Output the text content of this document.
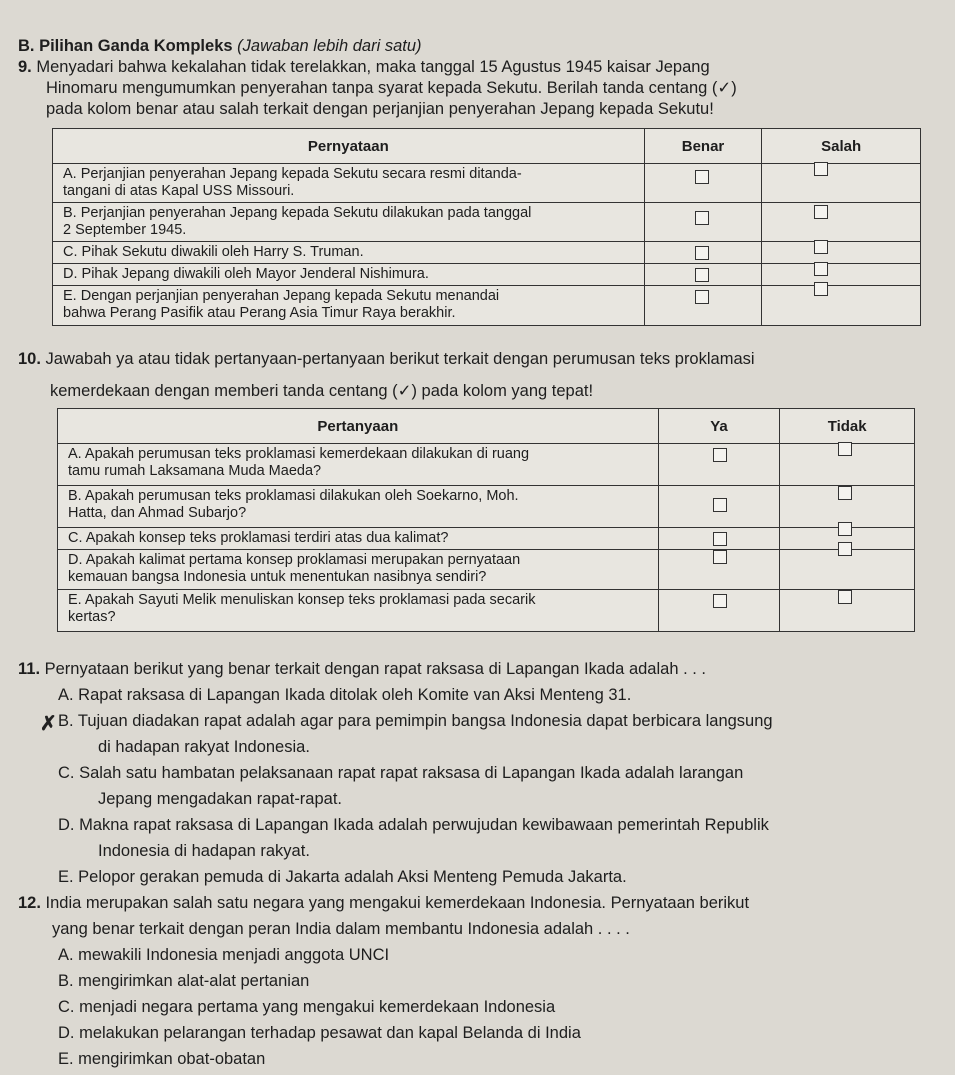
B. Pilihan Ganda Kompleks (Jawaban lebih dari satu)
9. Menyadari bahwa kekalahan tidak terelakkan, maka tanggal 15 Agustus 1945 kaisar Jepang
Hinomaru mengumumkan penyerahan tanpa syarat kepada Sekutu. Berilah tanda centang (✓)
pada kolom benar atau salah terkait dengan perjanjian penyerahan Jepang kepada Sekutu!
Pernyataan	Benar	Salah

A. Perjanjian penyerahan Jepang kepada Sekutu secara resmi ditanda-
tangani di atas Kapal USS Missouri.		

B. Perjanjian penyerahan Jepang kepada Sekutu dilakukan pada tanggal
2 September 1945.		

C. Pihak Sekutu diwakili oleh Harry S. Truman.		

D. Pihak Jepang diwakili oleh Mayor Jenderal Nishimura.		

E. Dengan perjanjian penyerahan Jepang kepada Sekutu menandai
bahwa Perang Pasifik atau Perang Asia Timur Raya berakhir.		

10. Jawabah ya atau tidak pertanyaan-pertanyaan berikut terkait dengan perumusan teks proklamasi
kemerdekaan dengan memberi tanda centang (✓) pada kolom yang tepat!
Pertanyaan	Ya	Tidak

A. Apakah perumusan teks proklamasi kemerdekaan dilakukan di ruang
tamu rumah Laksamana Muda Maeda?		

B. Apakah perumusan teks proklamasi dilakukan oleh Soekarno, Moh.
Hatta, dan Ahmad Subarjo?		

C. Apakah konsep teks proklamasi terdiri atas dua kalimat?		

D. Apakah kalimat pertama konsep proklamasi merupakan pernyataan
kemauan bangsa Indonesia untuk menentukan nasibnya sendiri?		

E. Apakah Sayuti Melik menuliskan konsep teks proklamasi pada secarik
kertas?		

11. Pernyataan berikut yang benar terkait dengan rapat raksasa di Lapangan Ikada adalah . . .
A. Rapat raksasa di Lapangan Ikada ditolak oleh Komite van Aksi Menteng 31.
✗ B. Tujuan diadakan rapat adalah agar para pemimpin bangsa Indonesia dapat berbicara langsung
di hadapan rakyat Indonesia.
C. Salah satu hambatan pelaksanaan rapat rapat raksasa di Lapangan Ikada adalah larangan
Jepang mengadakan rapat-rapat.
D. Makna rapat raksasa di Lapangan Ikada adalah perwujudan kewibawaan pemerintah Republik
Indonesia di hadapan rakyat.
E. Pelopor gerakan pemuda di Jakarta adalah Aksi Menteng Pemuda Jakarta.
12. India merupakan salah satu negara yang mengakui kemerdekaan Indonesia. Pernyataan berikut
yang benar terkait dengan peran India dalam membantu Indonesia adalah . . . .
A. mewakili Indonesia menjadi anggota UNCI
B. mengirimkan alat-alat pertanian
C. menjadi negara pertama yang mengakui kemerdekaan Indonesia
D. melakukan pelarangan terhadap pesawat dan kapal Belanda di India
E. mengirimkan obat-obatan
